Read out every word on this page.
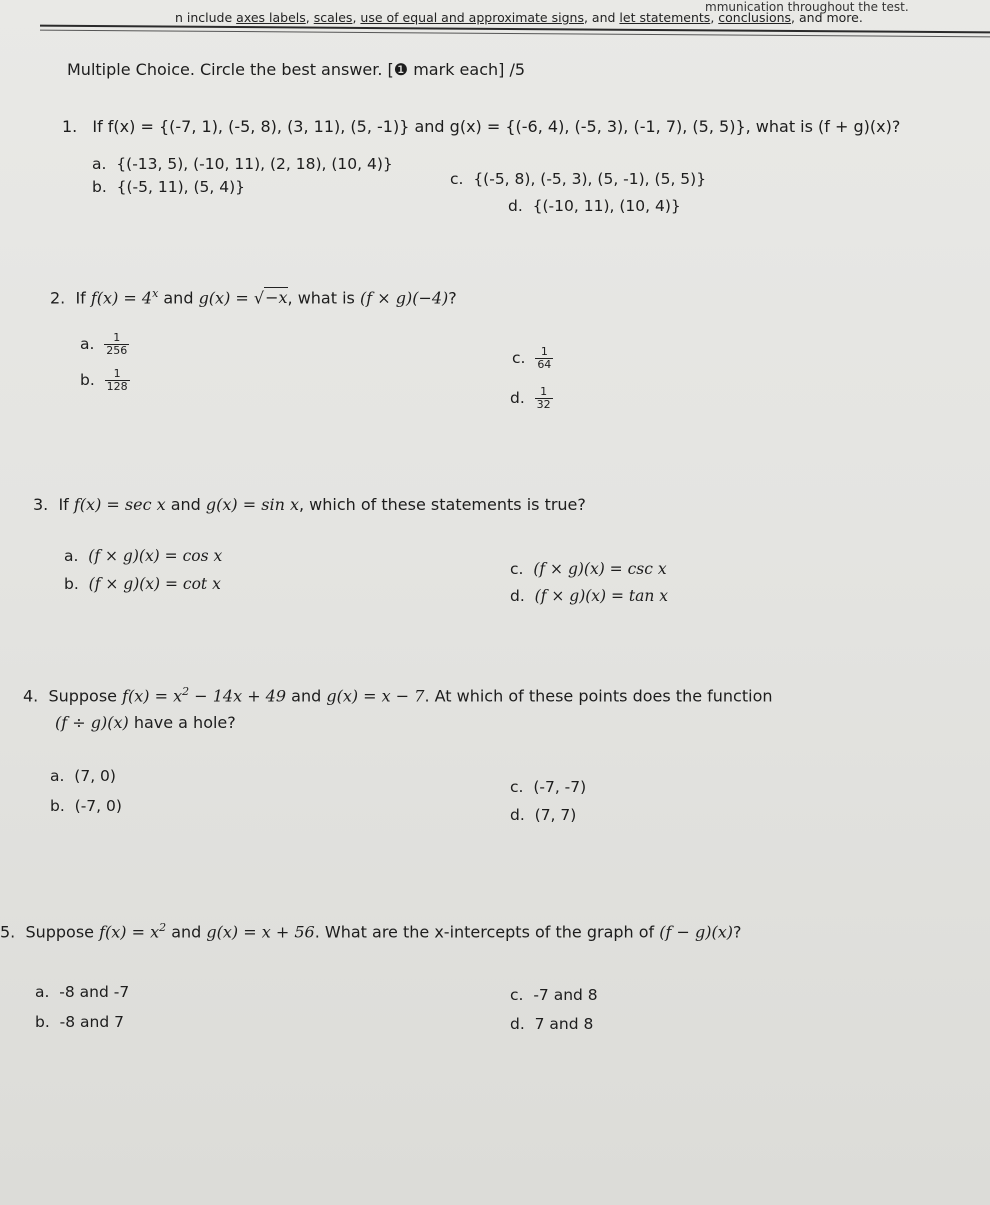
mmunication throughout the test.
n include axes labels, scales, use of equal and approximate signs, and let statements, conclusions, and more.
Multiple Choice. Circle the best answer. [❶ mark each] /5
1. If f(x) = {(-7, 1), (-5, 8), (3, 11), (5, -1)} and g(x) = {(-6, 4), (-5, 3), (-1, 7), (5, 5)}, what is (f + g)(x)?
a. {(-13, 5), (-10, 11), (2, 18), (10, 4)}
b. {(-5, 11), (5, 4)}	c. {(-5, 8), (-5, 3), (5, -1), (5, 5)}
d. {(-10, 11), (10, 4)}
2. If $f(x) = 4^x$ and g(x) = √−x, what is (f × g)(−4)?
a. $\frac{1}{256}$
b. $\frac{1}{128}$
c. $\frac{1}{64}$
d. $\frac{1}{32}$
3. If f(x) = sec x and g(x) = sin x, which of these statements is true?
a. (f × g)(x) = cos x
b. (f × g)(x) = cot x
c. (f × g)(x) = csc x
d. (f × g)(x) = tan x
4. Suppose $f(x) = x^2 - 14x + 49$ and g(x) = x − 7. At which of these points does the function
(f ÷ g)(x) have a hole?
a. (7, 0)
b. (-7, 0)
c. (-7, -7)
d. (7, 7)
5. Suppose $f(x) = x^2$ and g(x) = x + 56. What are the x-intercepts of the graph of (f − g)(x)?
a. -8 and -7
b. -8 and 7
c. -7 and 8
d. 7 and 8
